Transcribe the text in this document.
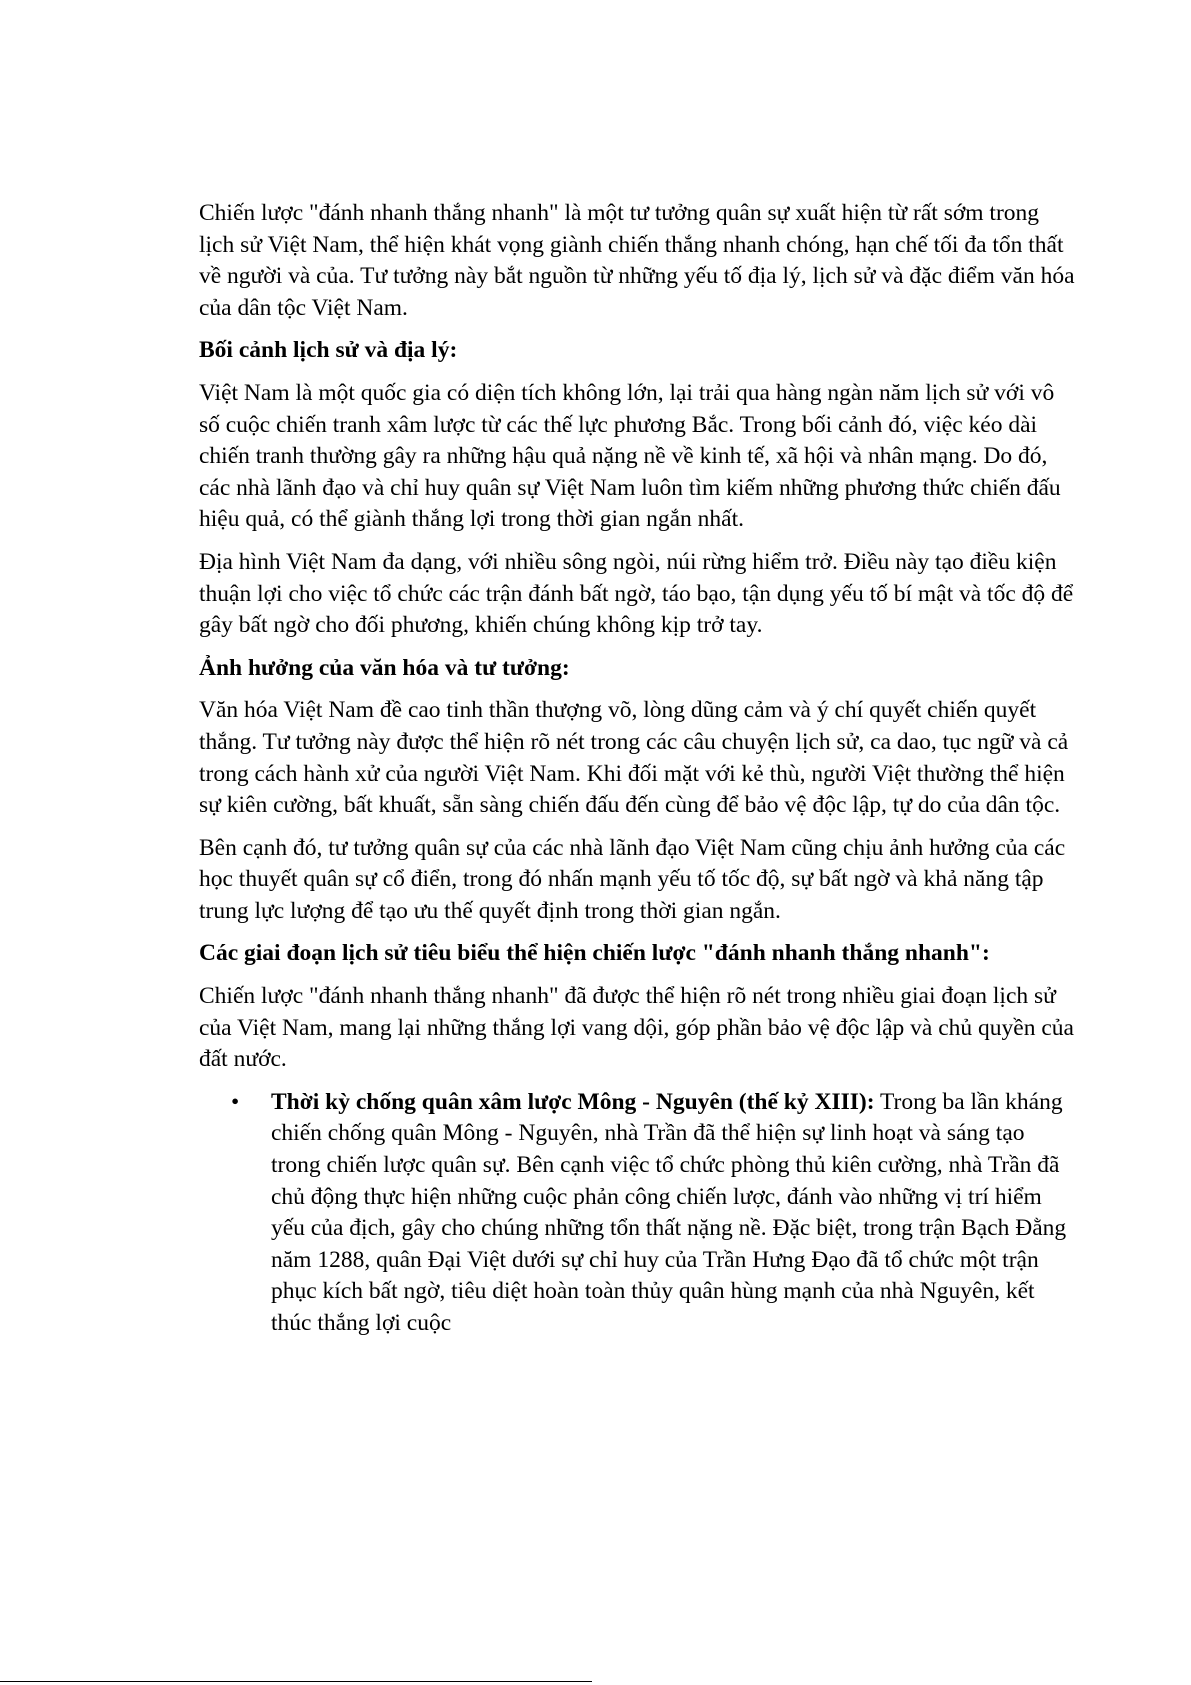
Chiến lược "đánh nhanh thắng nhanh" là một tư tưởng quân sự xuất hiện từ rất sớm trong lịch sử Việt Nam, thể hiện khát vọng giành chiến thắng nhanh chóng, hạn chế tối đa tổn thất về người và của. Tư tưởng này bắt nguồn từ những yếu tố địa lý, lịch sử và đặc điểm văn hóa của dân tộc Việt Nam.

Bối cảnh lịch sử và địa lý:

Việt Nam là một quốc gia có diện tích không lớn, lại trải qua hàng ngàn năm lịch sử với vô số cuộc chiến tranh xâm lược từ các thế lực phương Bắc. Trong bối cảnh đó, việc kéo dài chiến tranh thường gây ra những hậu quả nặng nề về kinh tế, xã hội và nhân mạng. Do đó, các nhà lãnh đạo và chỉ huy quân sự Việt Nam luôn tìm kiếm những phương thức chiến đấu hiệu quả, có thể giành thắng lợi trong thời gian ngắn nhất.

Địa hình Việt Nam đa dạng, với nhiều sông ngòi, núi rừng hiểm trở. Điều này tạo điều kiện thuận lợi cho việc tổ chức các trận đánh bất ngờ, táo bạo, tận dụng yếu tố bí mật và tốc độ để gây bất ngờ cho đối phương, khiến chúng không kịp trở tay.

Ảnh hưởng của văn hóa và tư tưởng:

Văn hóa Việt Nam đề cao tinh thần thượng võ, lòng dũng cảm và ý chí quyết chiến quyết thắng. Tư tưởng này được thể hiện rõ nét trong các câu chuyện lịch sử, ca dao, tục ngữ và cả trong cách hành xử của người Việt Nam. Khi đối mặt với kẻ thù, người Việt thường thể hiện sự kiên cường, bất khuất, sẵn sàng chiến đấu đến cùng để bảo vệ độc lập, tự do của dân tộc.

Bên cạnh đó, tư tưởng quân sự của các nhà lãnh đạo Việt Nam cũng chịu ảnh hưởng của các học thuyết quân sự cổ điển, trong đó nhấn mạnh yếu tố tốc độ, sự bất ngờ và khả năng tập trung lực lượng để tạo ưu thế quyết định trong thời gian ngắn.

Các giai đoạn lịch sử tiêu biểu thể hiện chiến lược "đánh nhanh thắng nhanh":

Chiến lược "đánh nhanh thắng nhanh" đã được thể hiện rõ nét trong nhiều giai đoạn lịch sử của Việt Nam, mang lại những thắng lợi vang dội, góp phần bảo vệ độc lập và chủ quyền của đất nước.

• Thời kỳ chống quân xâm lược Mông - Nguyên (thế kỷ XIII): Trong ba lần kháng chiến chống quân Mông - Nguyên, nhà Trần đã thể hiện sự linh hoạt và sáng tạo trong chiến lược quân sự. Bên cạnh việc tổ chức phòng thủ kiên cường, nhà Trần đã chủ động thực hiện những cuộc phản công chiến lược, đánh vào những vị trí hiểm yếu của địch, gây cho chúng những tổn thất nặng nề. Đặc biệt, trong trận Bạch Đằng năm 1288, quân Đại Việt dưới sự chỉ huy của Trần Hưng Đạo đã tổ chức một trận phục kích bất ngờ, tiêu diệt hoàn toàn thủy quân hùng mạnh của nhà Nguyên, kết thúc thắng lợi cuộc
